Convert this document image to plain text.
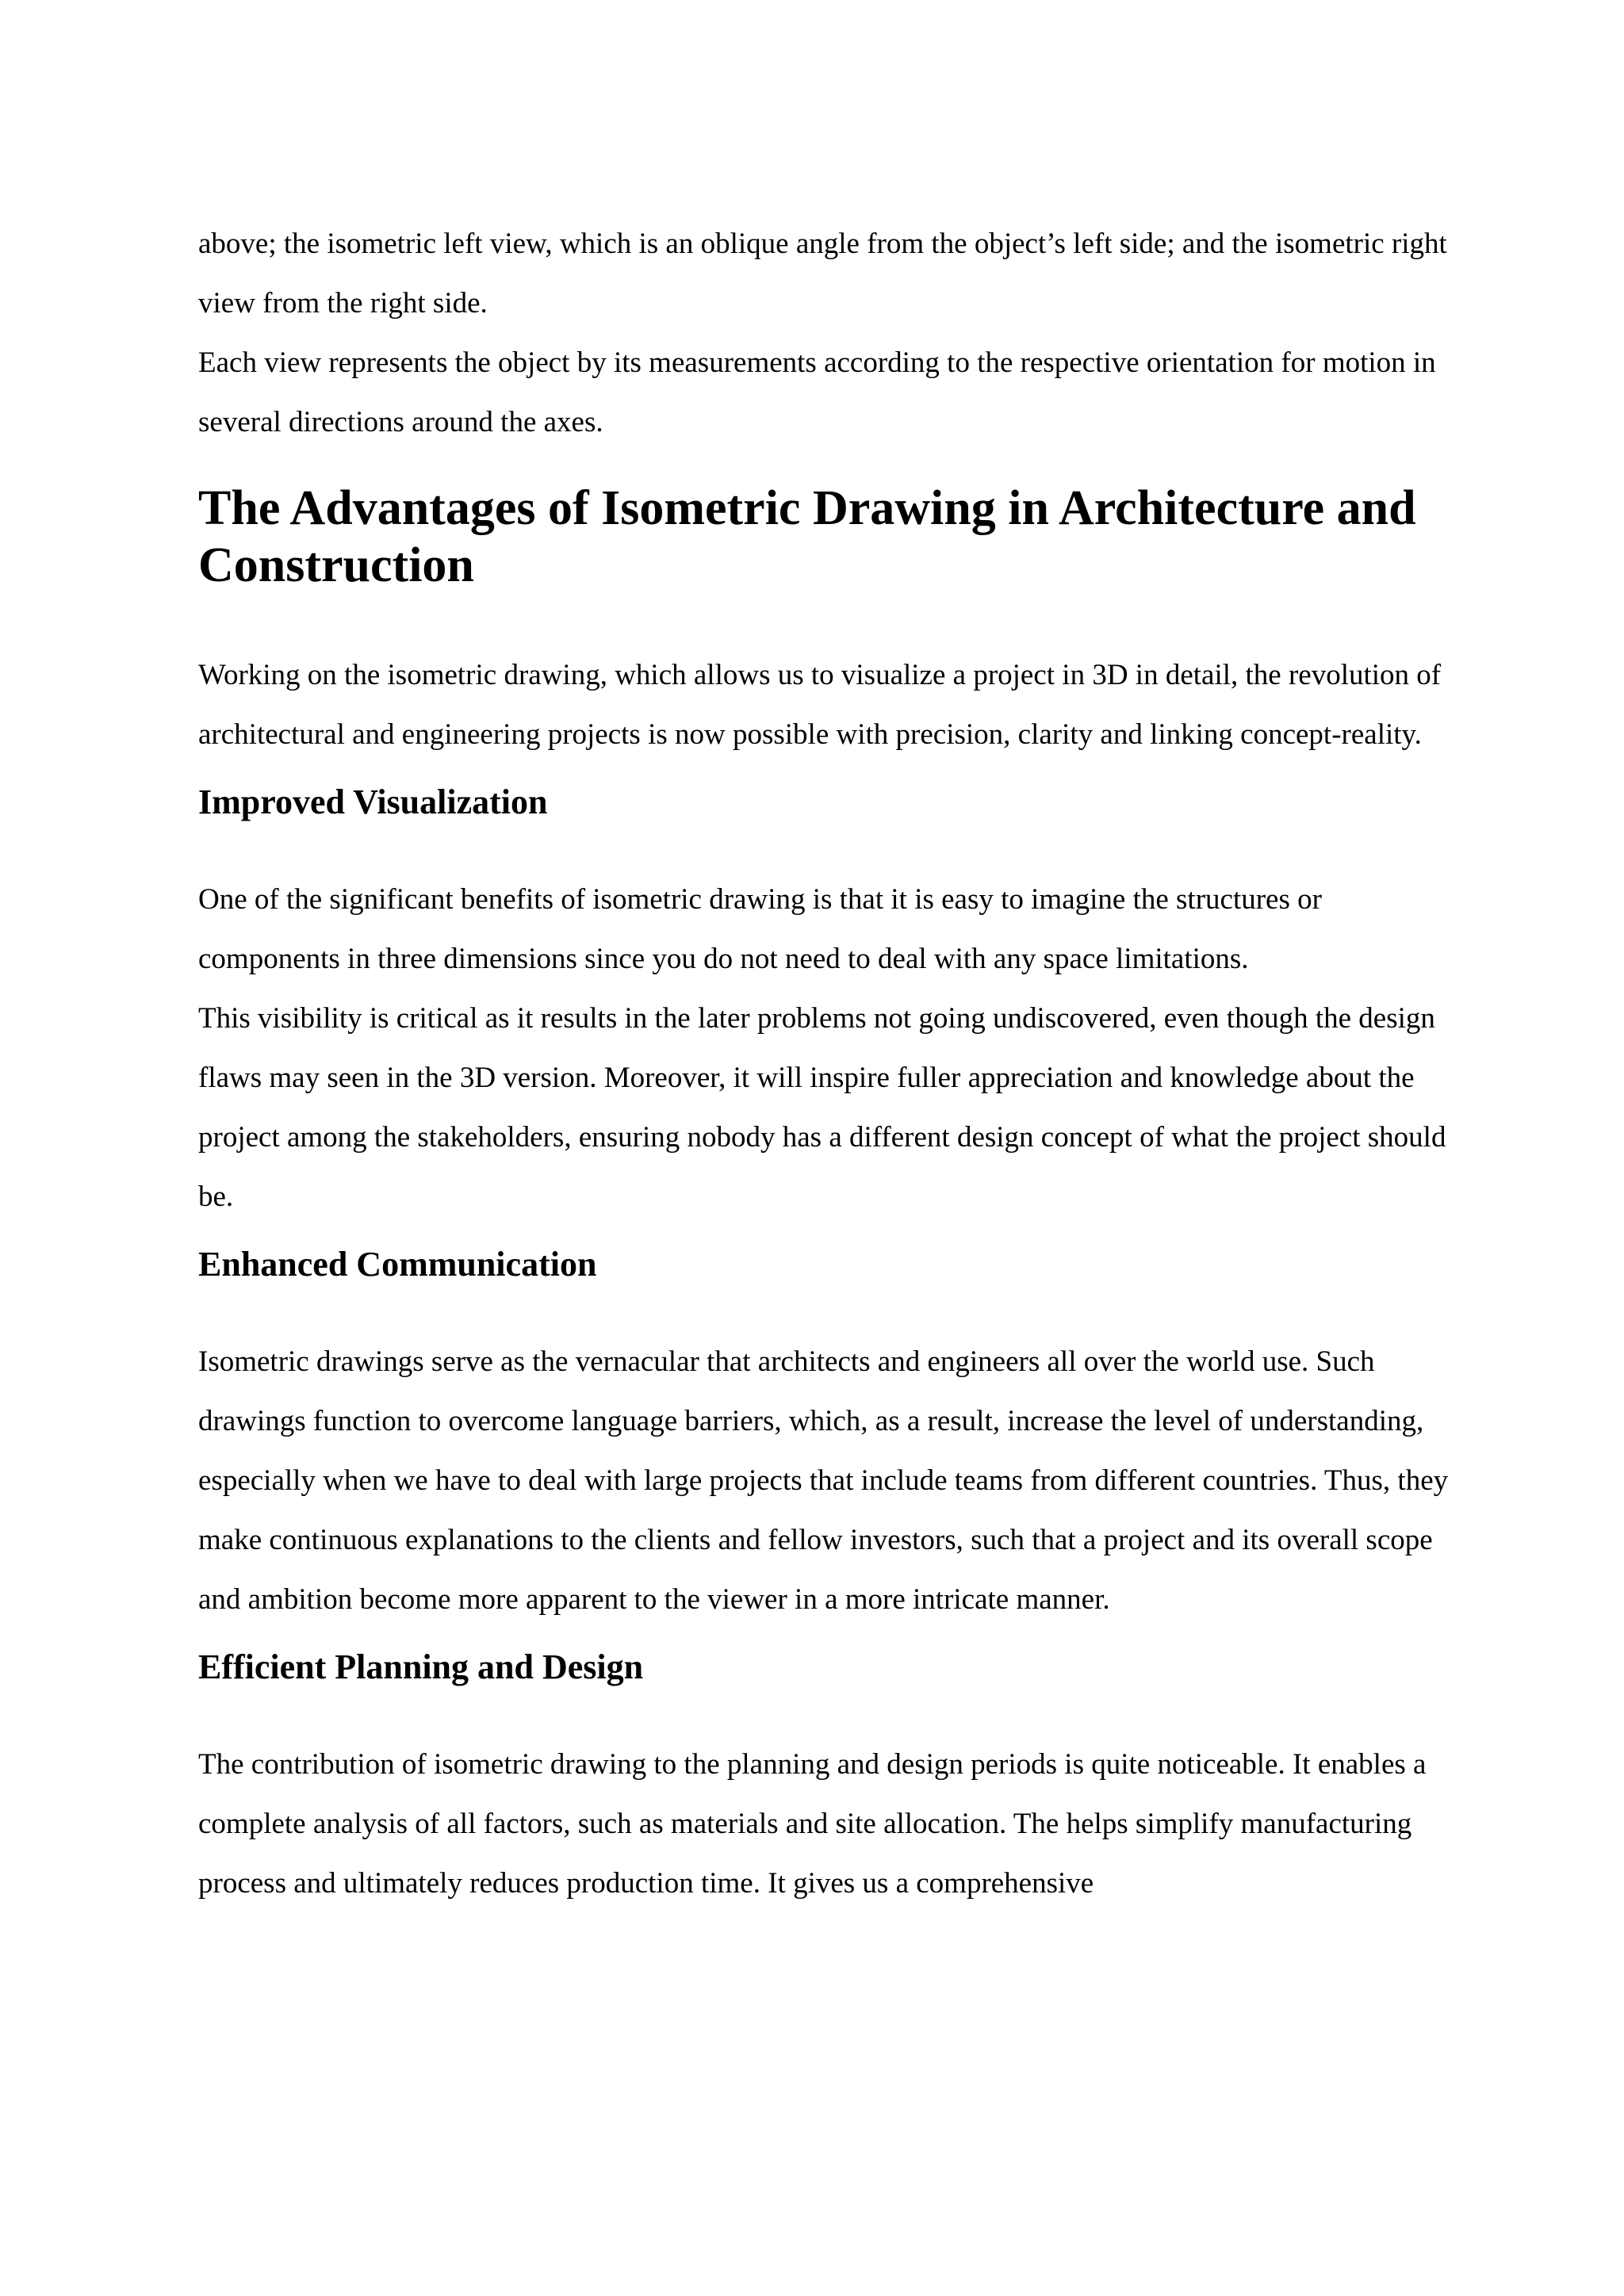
above; the isometric left view, which is an oblique angle from the object’s left side; and the isometric right view from the right side.

Each view represents the object by its measurements according to the respective orientation for motion in several directions around the axes.

The Advantages of Isometric Drawing in Architecture and Construction

Working on the isometric drawing, which allows us to visualize a project in 3D in detail, the revolution of architectural and engineering projects is now possible with precision, clarity and linking concept-reality.

Improved Visualization

One of the significant benefits of isometric drawing is that it is easy to imagine the structures or components in three dimensions since you do not need to deal with any space limitations.

This visibility is critical as it results in the later problems not going undiscovered, even though the design flaws may seen in the 3D version. Moreover, it will inspire fuller appreciation and knowledge about the project among the stakeholders, ensuring nobody has a different design concept of what the project should be.

Enhanced Communication

Isometric drawings serve as the vernacular that architects and engineers all over the world use. Such drawings function to overcome language barriers, which, as a result, increase the level of understanding, especially when we have to deal with large projects that include teams from different countries. Thus, they make continuous explanations to the clients and fellow investors, such that a project and its overall scope and ambition become more apparent to the viewer in a more intricate manner.

Efficient Planning and Design

The contribution of isometric drawing to the planning and design periods is quite noticeable. It enables a complete analysis of all factors, such as materials and site allocation. The helps simplify manufacturing process and ultimately reduces production time. It gives us a comprehensive
